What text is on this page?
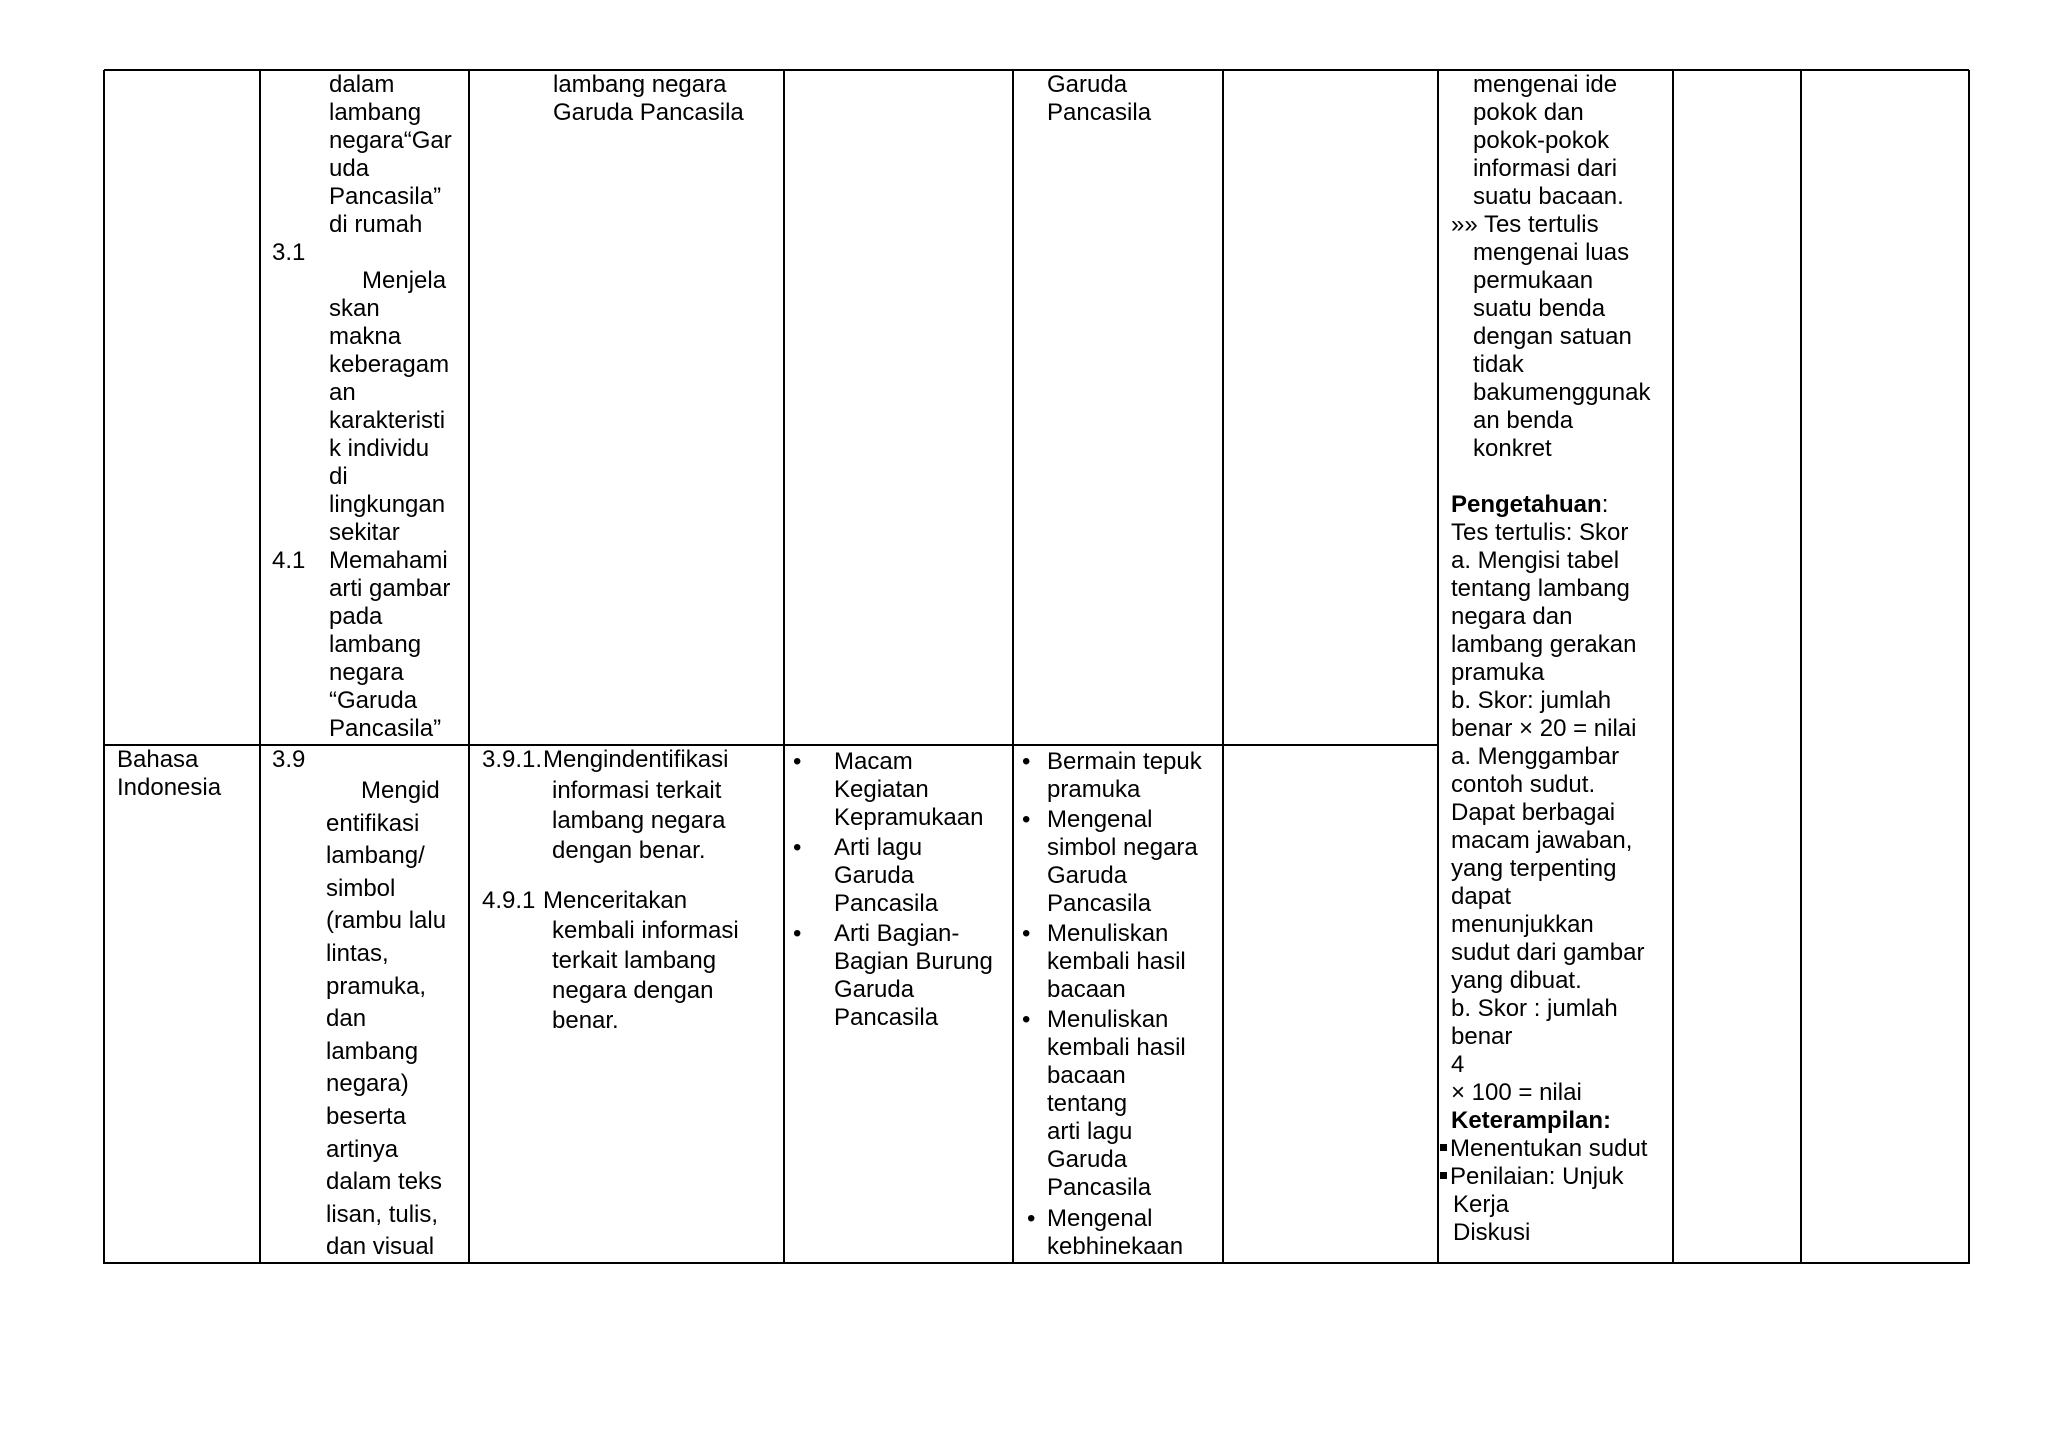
dalam
lambang
negara“Gar
uda
Pancasila”
di rumah
3.1
Menjela
skan
makna
keberagam
an
karakteristi
k individu
di
lingkungan
sekitar
4.1 Memahami
arti gambar
pada
lambang
negara
“Garuda
Pancasila”
lambang negara
Garuda Pancasila
Garuda
Pancasila
mengenai ide
pokok dan
pokok-pokok
informasi dari
suatu bacaan.
»» Tes tertulis
mengenai luas
permukaan
suatu benda
dengan satuan
tidak
bakumenggunak
an benda
konkret
Pengetahuan:
Tes tertulis: Skor
a. Mengisi tabel
tentang lambang
negara dan
lambang gerakan
pramuka
b. Skor: jumlah
benar × 20 = nilai
a. Menggambar
contoh sudut.
Dapat berbagai
macam jawaban,
yang terpenting
dapat
menunjukkan
sudut dari gambar
yang dibuat.
b. Skor : jumlah
benar
4
× 100 = nilai
Keterampilan:
Menentukan sudut
Penilaian: Unjuk
Kerja
Diskusi
Bahasa
Indonesia
3.9
Mengid
entifikasi
lambang/
simbol
(rambu lalu
lintas,
pramuka,
dan
lambang
negara)
beserta
artinya
dalam teks
lisan, tulis,
dan visual
3.9.1. Mengindentifikasi
informasi terkait
lambang negara
dengan benar.
4.9.1 Menceritakan
kembali informasi
terkait lambang
negara dengan
benar.
• Macam
Kegiatan
Kepramukaan
• Arti lagu
Garuda
Pancasila
• Arti Bagian-
Bagian Burung
Garuda
Pancasila
• Bermain tepuk
pramuka
• Mengenal
simbol negara
Garuda
Pancasila
• Menuliskan
kembali hasil
bacaan
• Menuliskan
kembali hasil
bacaan
tentang
arti lagu
Garuda
Pancasila
• Mengenal
kebhinekaan
